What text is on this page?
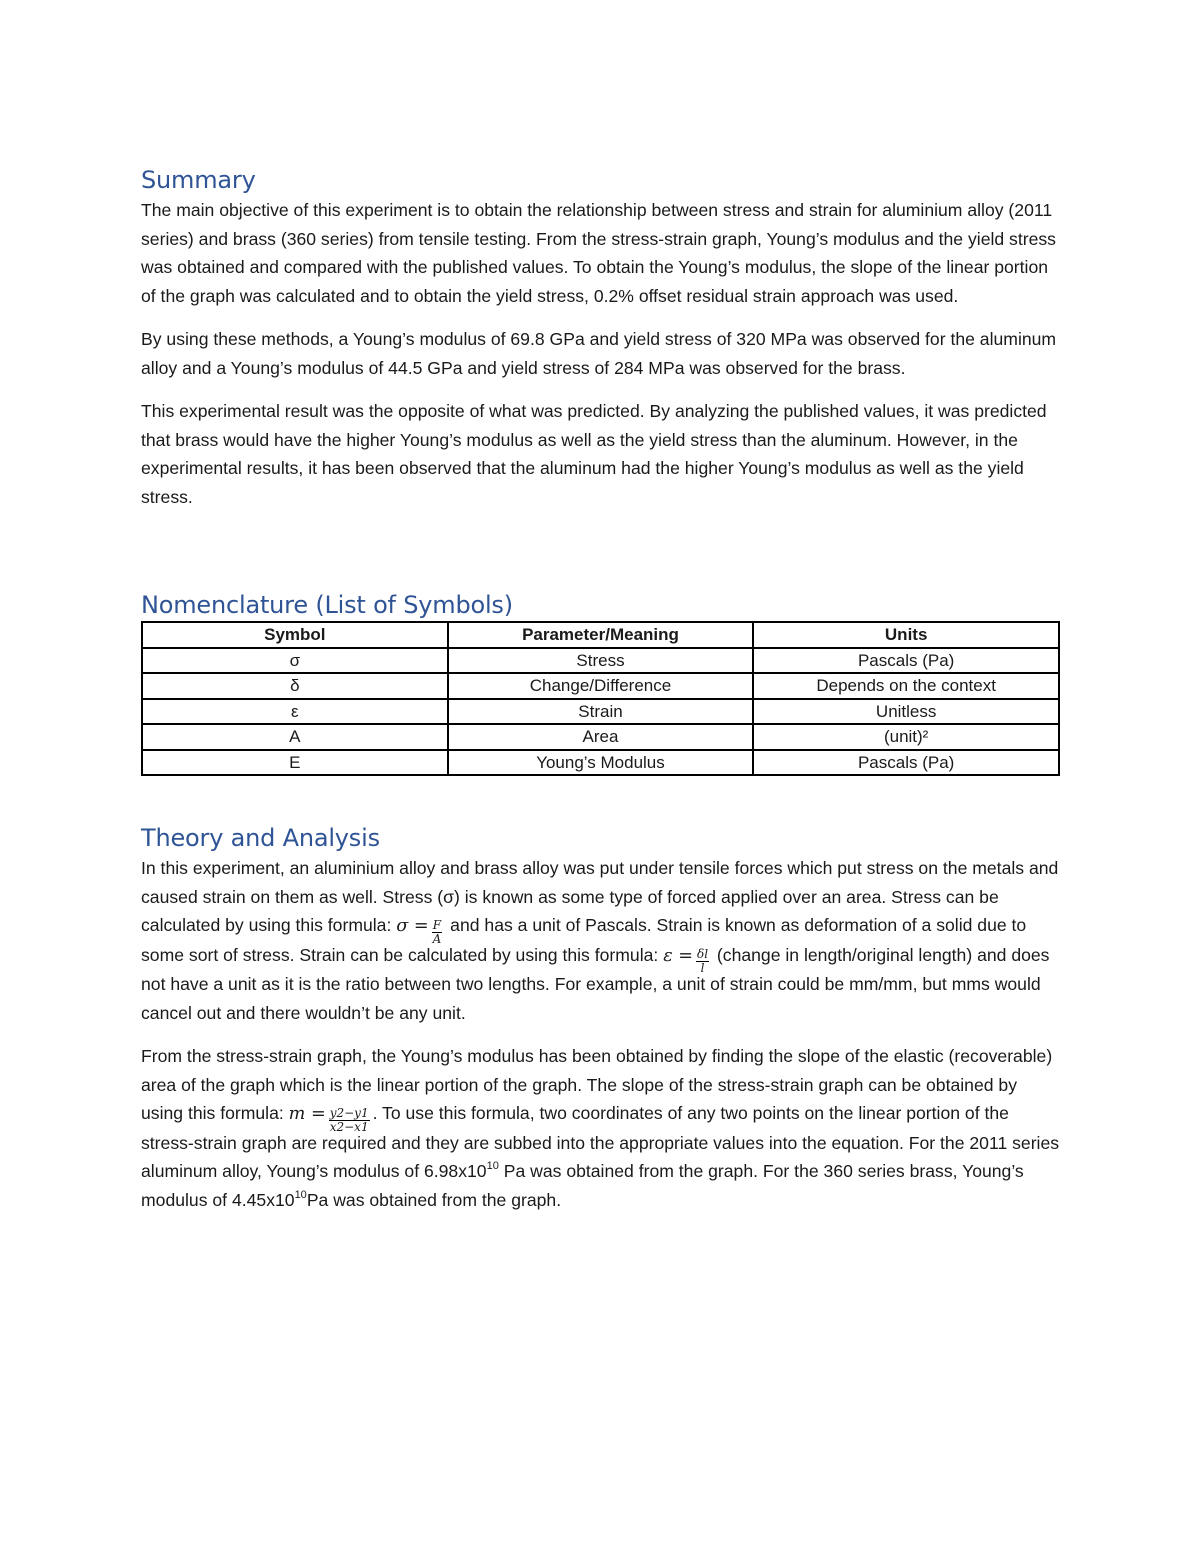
Summary

The main objective of this experiment is to obtain the relationship between stress and strain for aluminium alloy (2011 series) and brass (360 series) from tensile testing. From the stress-strain graph, Young’s modulus and the yield stress was obtained and compared with the published values. To obtain the Young’s modulus, the slope of the linear portion of the graph was calculated and to obtain the yield stress, 0.2% offset residual strain approach was used.

By using these methods, a Young’s modulus of 69.8 GPa and yield stress of 320 MPa was observed for the aluminum alloy and a Young’s modulus of 44.5 GPa and yield stress of 284 MPa was observed for the brass.

This experimental result was the opposite of what was predicted. By analyzing the published values, it was predicted that brass would have the higher Young’s modulus as well as the yield stress than the aluminum. However, in the experimental results, it has been observed that the aluminum had the higher Young’s modulus as well as the yield stress.

Nomenclature (List of Symbols)
Symbol	Parameter/Meaning	Units
σ	Stress	Pascals (Pa)
δ	Change/Difference	Depends on the context
ε	Strain	Unitless
A	Area	(unit)²
E	Young’s Modulus	Pascals (Pa)
Theory and Analysis

In this experiment, an aluminium alloy and brass alloy was put under tensile forces which put stress on the metals and caused strain on them as well. Stress (σ) is known as some type of forced applied over an area. Stress can be calculated by using this formula: $\sigma = \frac{F}{A}$ and has a unit of Pascals. Strain is known as deformation of a solid due to some sort of stress. Strain can be calculated by using this formula: $\varepsilon = \frac{\delta l}{l}$ (change in length/original length) and does not have a unit as it is the ratio between two lengths. For example, a unit of strain could be mm/mm, but mms would cancel out and there wouldn’t be any unit.

From the stress-strain graph, the Young’s modulus has been obtained by finding the slope of the elastic (recoverable) area of the graph which is the linear portion of the graph. The slope of the stress-strain graph can be obtained by using this formula: $m = \frac{y2-y1}{x2-x1}$ . To use this formula, two coordinates of any two points on the linear portion of the stress-strain graph are required and they are subbed into the appropriate values into the equation. For the 2011 series aluminum alloy, Young’s modulus of $6.98x10^{10}$ Pa was obtained from the graph. For the 360 series brass, Young’s modulus of $4.45x10^{10}Pa$ was obtained from the graph.
